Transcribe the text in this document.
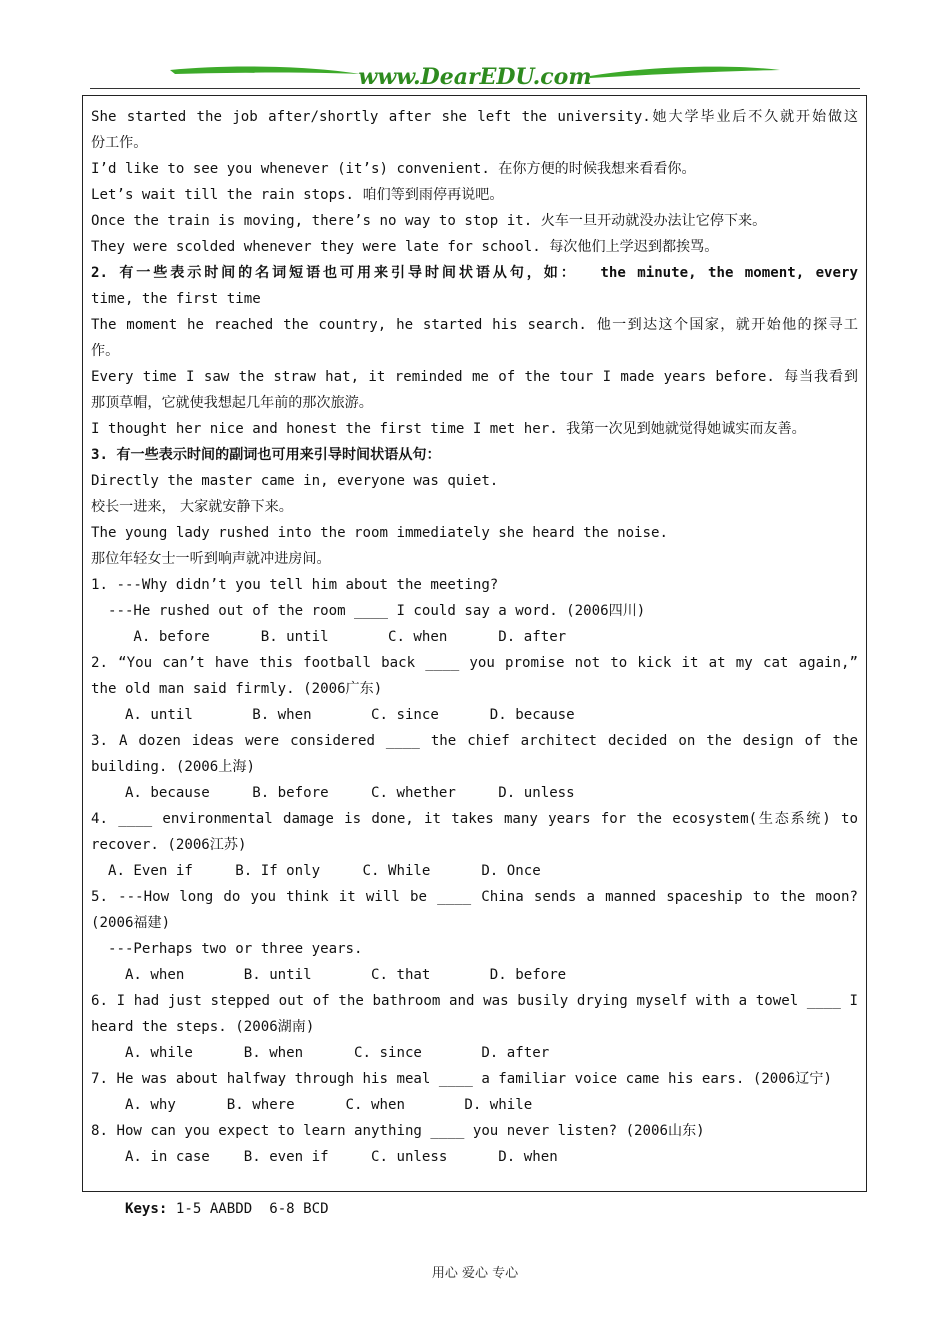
www.DearEDU.com
She started the job after/shortly after she left the university.她大学毕业后不久就开始做这
份工作。
I’d like to see you whenever (it’s) convenient. 在你方便的时候我想来看看你。
Let’s wait till the rain stops. 咱们等到雨停再说吧。
Once the train is moving, there’s no way to stop it. 火车一旦开动就没办法让它停下来。
They were scolded whenever they were late for school. 每次他们上学迟到都挨骂。
2. 有一些表示时间的名词短语也可用来引导时间状语从句，如：  the minute, the moment, every
time, the first time
The moment he reached the country, he started his search. 他一到达这个国家，就开始他的探寻工
作。
Every time I saw the straw hat, it reminded me of the tour I made years before. 每当我看到
那顶草帽，它就使我想起几年前的那次旅游。
I thought her nice and honest the first time I met her. 我第一次见到她就觉得她诚实而友善。
3. 有一些表示时间的副词也可用来引导时间状语从句：
Directly the master came in, everyone was quiet.
校长一进来， 大家就安静下来。
The young lady rushed into the room immediately she heard the noise.
那位年轻女士一听到响声就冲进房间。
1. ---Why didn’t you tell him about the meeting?
---He rushed out of the room ____ I could say a word. (2006四川)
A. before      B. until       C. when      D. after
2. “You can’t have this football back ____ you promise not to kick it at my cat again,”
the old man said firmly. (2006广东)
A. until       B. when       C. since      D. because
3. A dozen ideas were considered ____ the chief architect decided on the design of the
building. (2006上海)
A. because     B. before     C. whether     D. unless
4. ____ environmental damage is done, it takes many years for the ecosystem(生态系统) to
recover. (2006江苏)
A. Even if     B. If only     C. While      D. Once
5. ---How long do you think it will be ____ China sends a manned spaceship to the moon?
(2006福建)
---Perhaps two or three years.
A. when       B. until       C. that       D. before
6. I had just stepped out of the bathroom and was busily drying myself with a towel ____ I
heard the steps. (2006湖南)
A. while      B. when      C. since       D. after
7. He was about halfway through his meal ____ a familiar voice came his ears. (2006辽宁)
A. why      B. where      C. when       D. while
8. How can you expect to learn anything ____ you never listen? (2006山东)
A. in case    B. even if     C. unless      D. when

Keys: 1-5 AABDD  6-8 BCD

用心 爱心 专心
